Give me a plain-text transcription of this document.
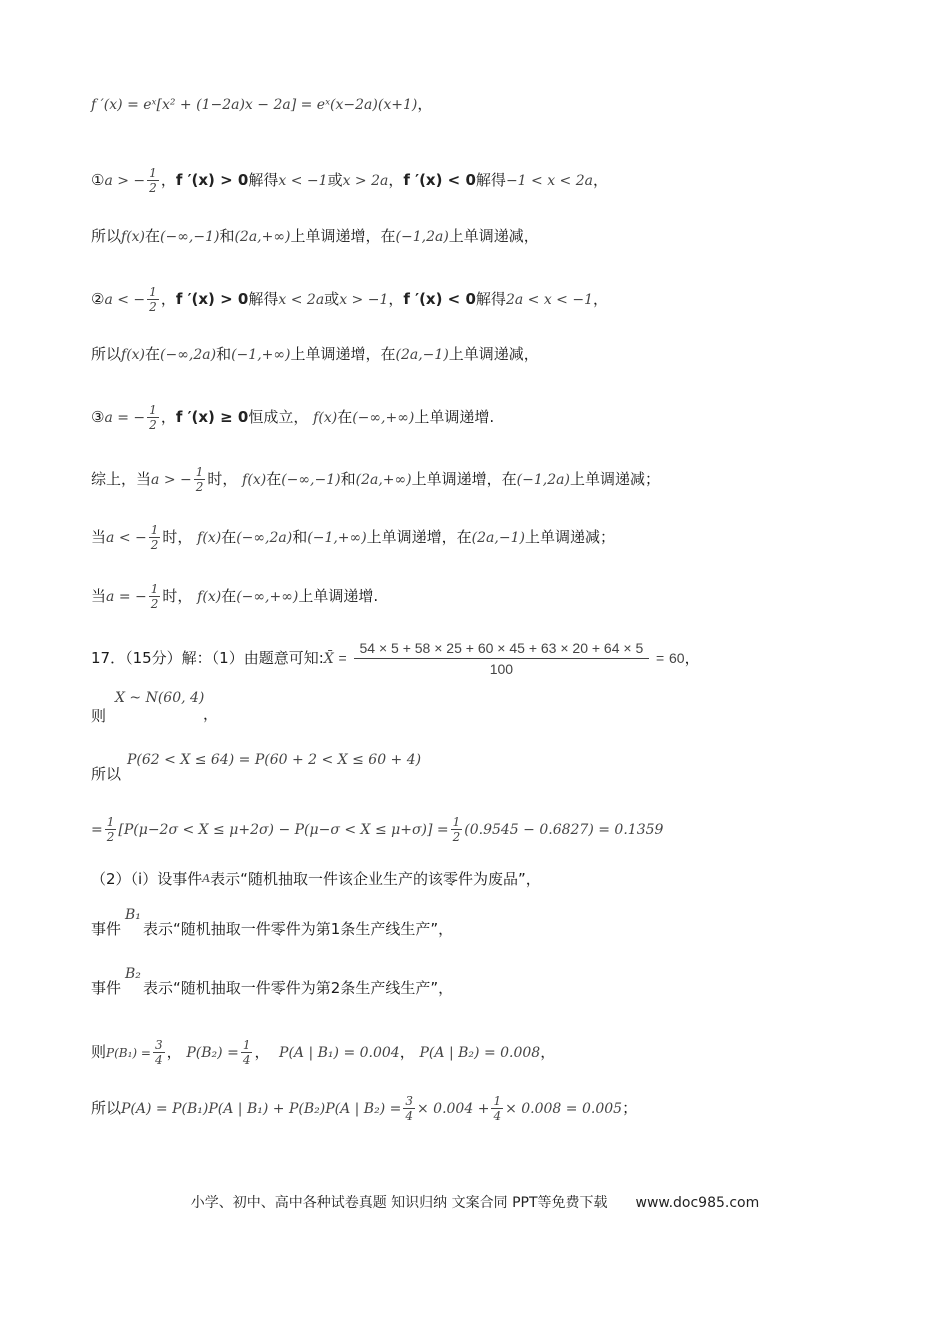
f ′(x) = eˣ[x² + (1−2a)x − 2a] = eˣ(x−2a)(x+1)，
①a > − $\frac{1}{2}$ ，f ′(x) > 0解得x < −1或x > 2a，f ′(x) < 0解得−1 < x < 2a，
所以f(x)在(−∞,−1)和(2a,+∞)上单调递增，在(−1,2a)上单调递减，
②a < − $\frac{1}{2}$ ，f ′(x) > 0解得x < 2a或x > −1，f ′(x) < 0解得2a < x < −1，
所以f(x)在(−∞,2a)和(−1,+∞)上单调递增，在(2a,−1)上单调递减，
③a = − $\frac{1}{2}$ ，f ′(x) ≥ 0恒成立， f(x)在(−∞,+∞)上单调递增.
综上，当a > − $\frac{1}{2}$ 时， f(x)在(−∞,−1)和(2a,+∞)上单调递增，在(−1,2a)上单调递减；
当a < − $\frac{1}{2}$ 时， f(x)在(−∞,2a)和(−1,+∞)上单调递增，在(2a,−1)上单调递减；
当a = − $\frac{1}{2}$ 时， f(x)在(−∞,+∞)上单调递增.
17．（15分）解：（1）由题意可知:X̄ = $\frac{54 \times 5 + 58 \times 25 + 60 \times 45 + 63 \times 20 + 64 \times 5}{100} = 60$，
X ~ N(60, 4)
则	，
P(62 < X ≤ 64) = P(60 + 2 < X ≤ 60 + 4)
所以
= $\frac{1}{2} [P(\mu-2\sigma < X \le \mu+2\sigma) - P(\mu-\sigma < X \le \mu+\sigma)] = \frac{1}{2} (0.9545 - 0.6827) = 0.1359$
（2）（i）设事件$^A$表示“随机抽取一件该企业生产的该零件为废品”，
B₁
事件 表示“随机抽取一件零件为第1条生产线生产”，
B₂
事件 表示“随机抽取一件零件为第2条生产线生产”，
则$P(B_1) = \frac{3}{4}$ ， $P(B_2) = \frac{1}{4}$ ， P(A | B₁) = 0.004， P(A | B₂) = 0.008，
所以P(A) = P(B₁)P(A | B₁) + P(B₂)P(A | $B_2) = \frac{3}{4} \times 0.004 + \frac{1}{4} \times 0.008 = 0.005$；
小学、初中、高中各种试卷真题 知识归纳 文案合同 PPT等免费下载 www.doc985.com
